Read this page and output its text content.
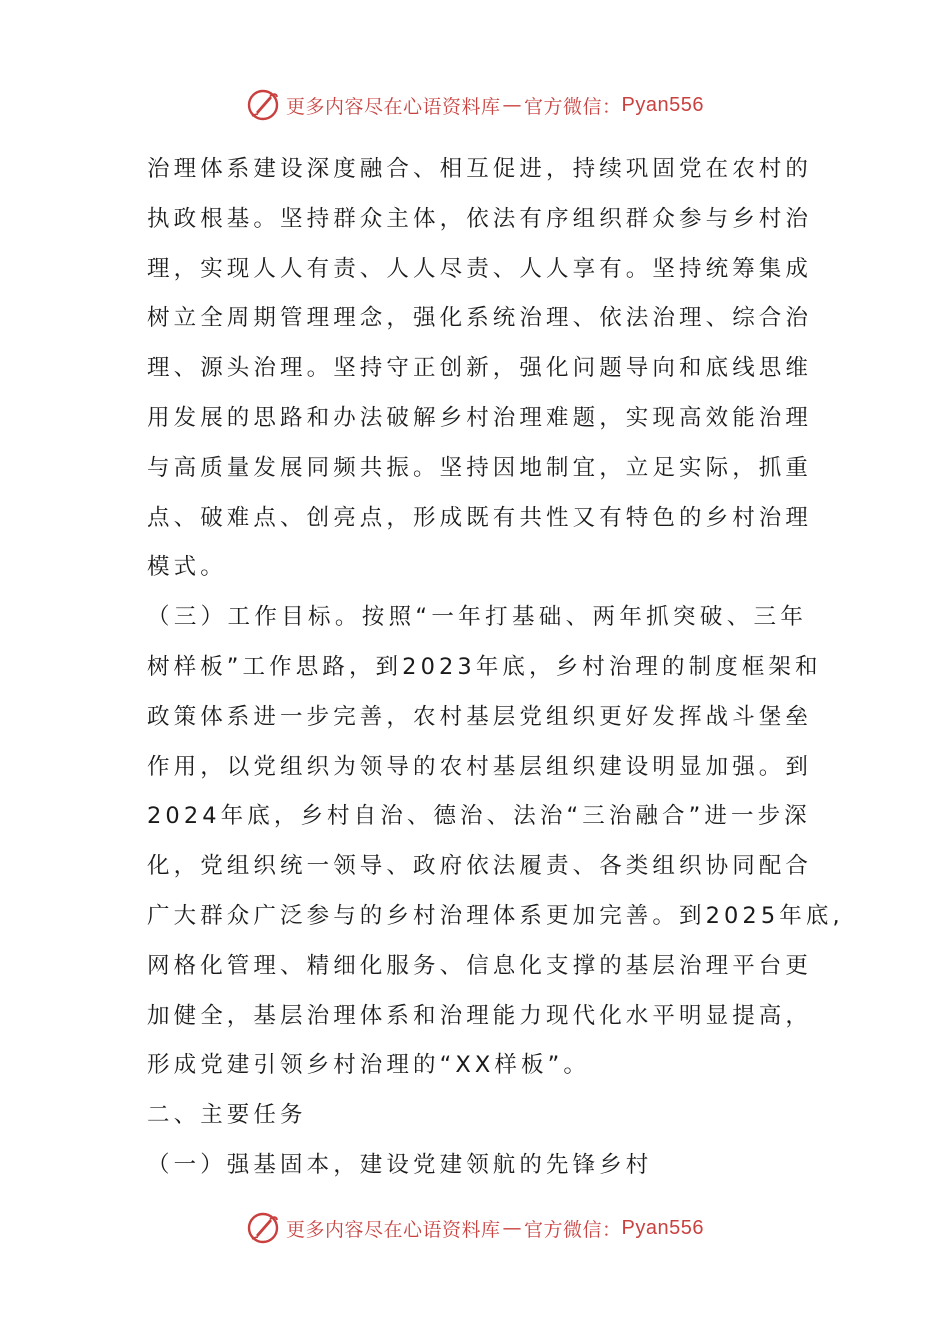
更多内容尽在心语资料库 — 官方微信： Pyan556
治理体系建设深度融合、相互促进，持续巩固党在农村的
执政根基。坚持群众主体，依法有序组织群众参与乡村治
理，实现人人有责、人人尽责、人人享有。坚持统筹集成
树立全周期管理理念，强化系统治理、依法治理、综合治
理、源头治理。坚持守正创新，强化问题导向和底线思维
用发展的思路和办法破解乡村治理难题，实现高效能治理
与高质量发展同频共振。坚持因地制宜，立足实际，抓重
点、破难点、创亮点，形成既有共性又有特色的乡村治理
模式。
（三）工作目标。按照“一年打基础、两年抓突破、三年
树样板”工作思路，到2023年底，乡村治理的制度框架和
政策体系进一步完善，农村基层党组织更好发挥战斗堡垒
作用，以党组织为领导的农村基层组织建设明显加强。到
2024年底，乡村自治、德治、法治“三治融合”进一步深
化，党组织统一领导、政府依法履责、各类组织协同配合
广大群众广泛参与的乡村治理体系更加完善。到2025年底,
网格化管理、精细化服务、信息化支撑的基层治理平台更
加健全，基层治理体系和治理能力现代化水平明显提高，
形成党建引领乡村治理的“XX样板”。
二、主要任务
（一）强基固本，建设党建领航的先锋乡村
更多内容尽在心语资料库 — 官方微信： Pyan556
